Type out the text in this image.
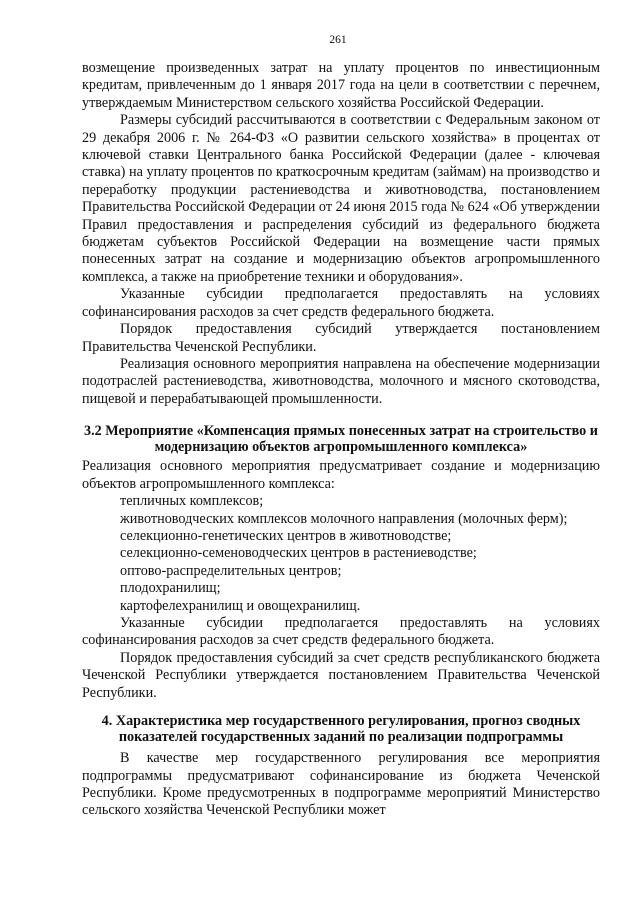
261

возмещение произведенных затрат на уплату процентов по инвестиционным кредитам, привлеченным до 1 января 2017 года на цели в соответствии с перечнем, утверждаемым Министерством сельского хозяйства Российской Федерации.

Размеры субсидий рассчитываются в соответствии с Федеральным законом от 29 декабря 2006 г. № 264-ФЗ «О развитии сельского хозяйства» в процентах от ключевой ставки Центрального банка Российской Федерации (далее - ключевая ставка) на уплату процентов по краткосрочным кредитам (займам) на производство и переработку продукции растениеводства и животноводства, постановлением Правительства Российской Федерации от 24 июня 2015 года № 624 «Об утверждении Правил предоставления и распределения субсидий из федерального бюджета бюджетам субъектов Российской Федерации на возмещение части прямых понесенных затрат на создание и модернизацию объектов агропромышленного комплекса, а также на приобретение техники и оборудования».

Указанные субсидии предполагается предоставлять на условиях софинансирования расходов за счет средств федерального бюджета.

Порядок предоставления субсидий утверждается постановлением Правительства Чеченской Республики.

Реализация основного мероприятия направлена на обеспечение модернизации подотраслей растениеводства, животноводства, молочного и мясного скотоводства, пищевой и перерабатывающей промышленности.

3.2 Мероприятие «Компенсация прямых понесенных затрат на строительство и модернизацию объектов агропромышленного комплекса»

Реализация основного мероприятия предусматривает создание и модернизацию объектов агропромышленного комплекса:

тепличных комплексов;
животноводческих комплексов молочного направления (молочных ферм);
селекционно-генетических центров в животноводстве;
селекционно-семеноводческих центров в растениеводстве;
оптово-распределительных центров;
плодохранилищ;
картофелехранилищ и овощехранилищ.

Указанные субсидии предполагается предоставлять на условиях софинансирования расходов за счет средств федерального бюджета.

Порядок предоставления субсидий за счет средств республиканского бюджета Чеченской Республики утверждается постановлением Правительства Чеченской Республики.

4. Характеристика мер государственного регулирования, прогноз сводных показателей государственных заданий по реализации подпрограммы

В качестве мер государственного регулирования все мероприятия подпрограммы предусматривают софинансирование из бюджета Чеченской Республики. Кроме предусмотренных в подпрограмме мероприятий Министерство сельского хозяйства Чеченской Республики может
